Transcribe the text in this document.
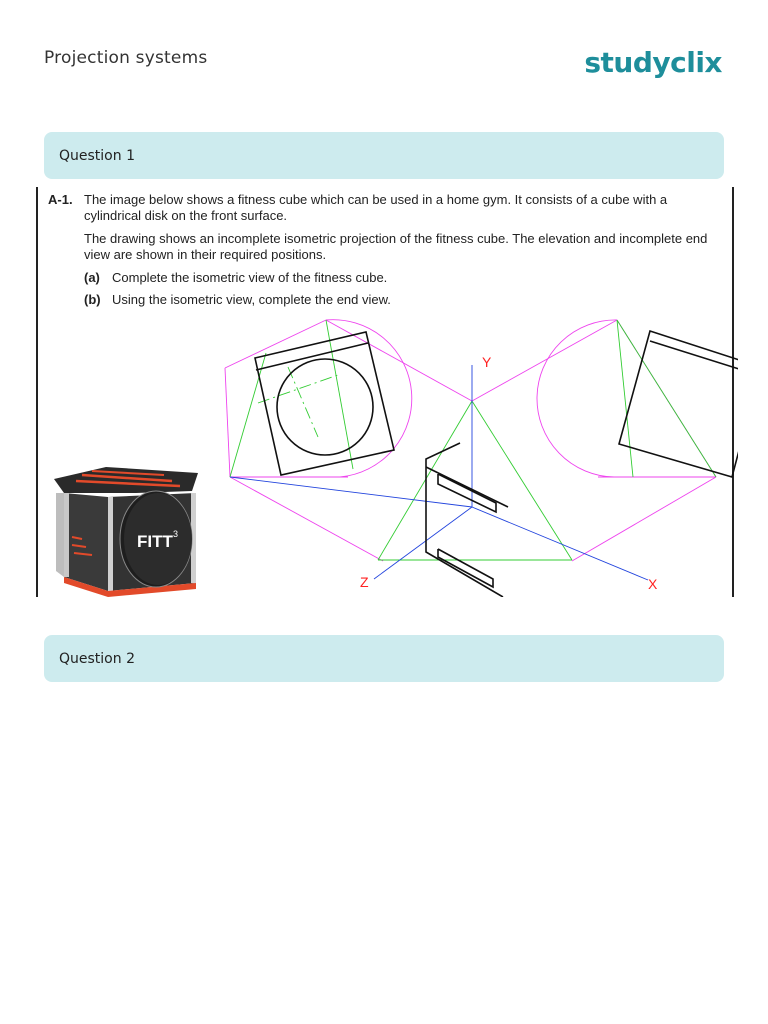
Projection systems	studyclix
Question 1
A-1. The image below shows a fitness cube which can be used in a home gym. It consists of a cube with a cylindrical disk on the front surface.
The drawing shows an incomplete isometric projection of the fitness cube. The elevation and incomplete end view are shown in their required positions.
(a) Complete the isometric view of the fitness cube.
(b) Using the isometric view, complete the end view.
FITT 3
Y
X
Z
Question 2
